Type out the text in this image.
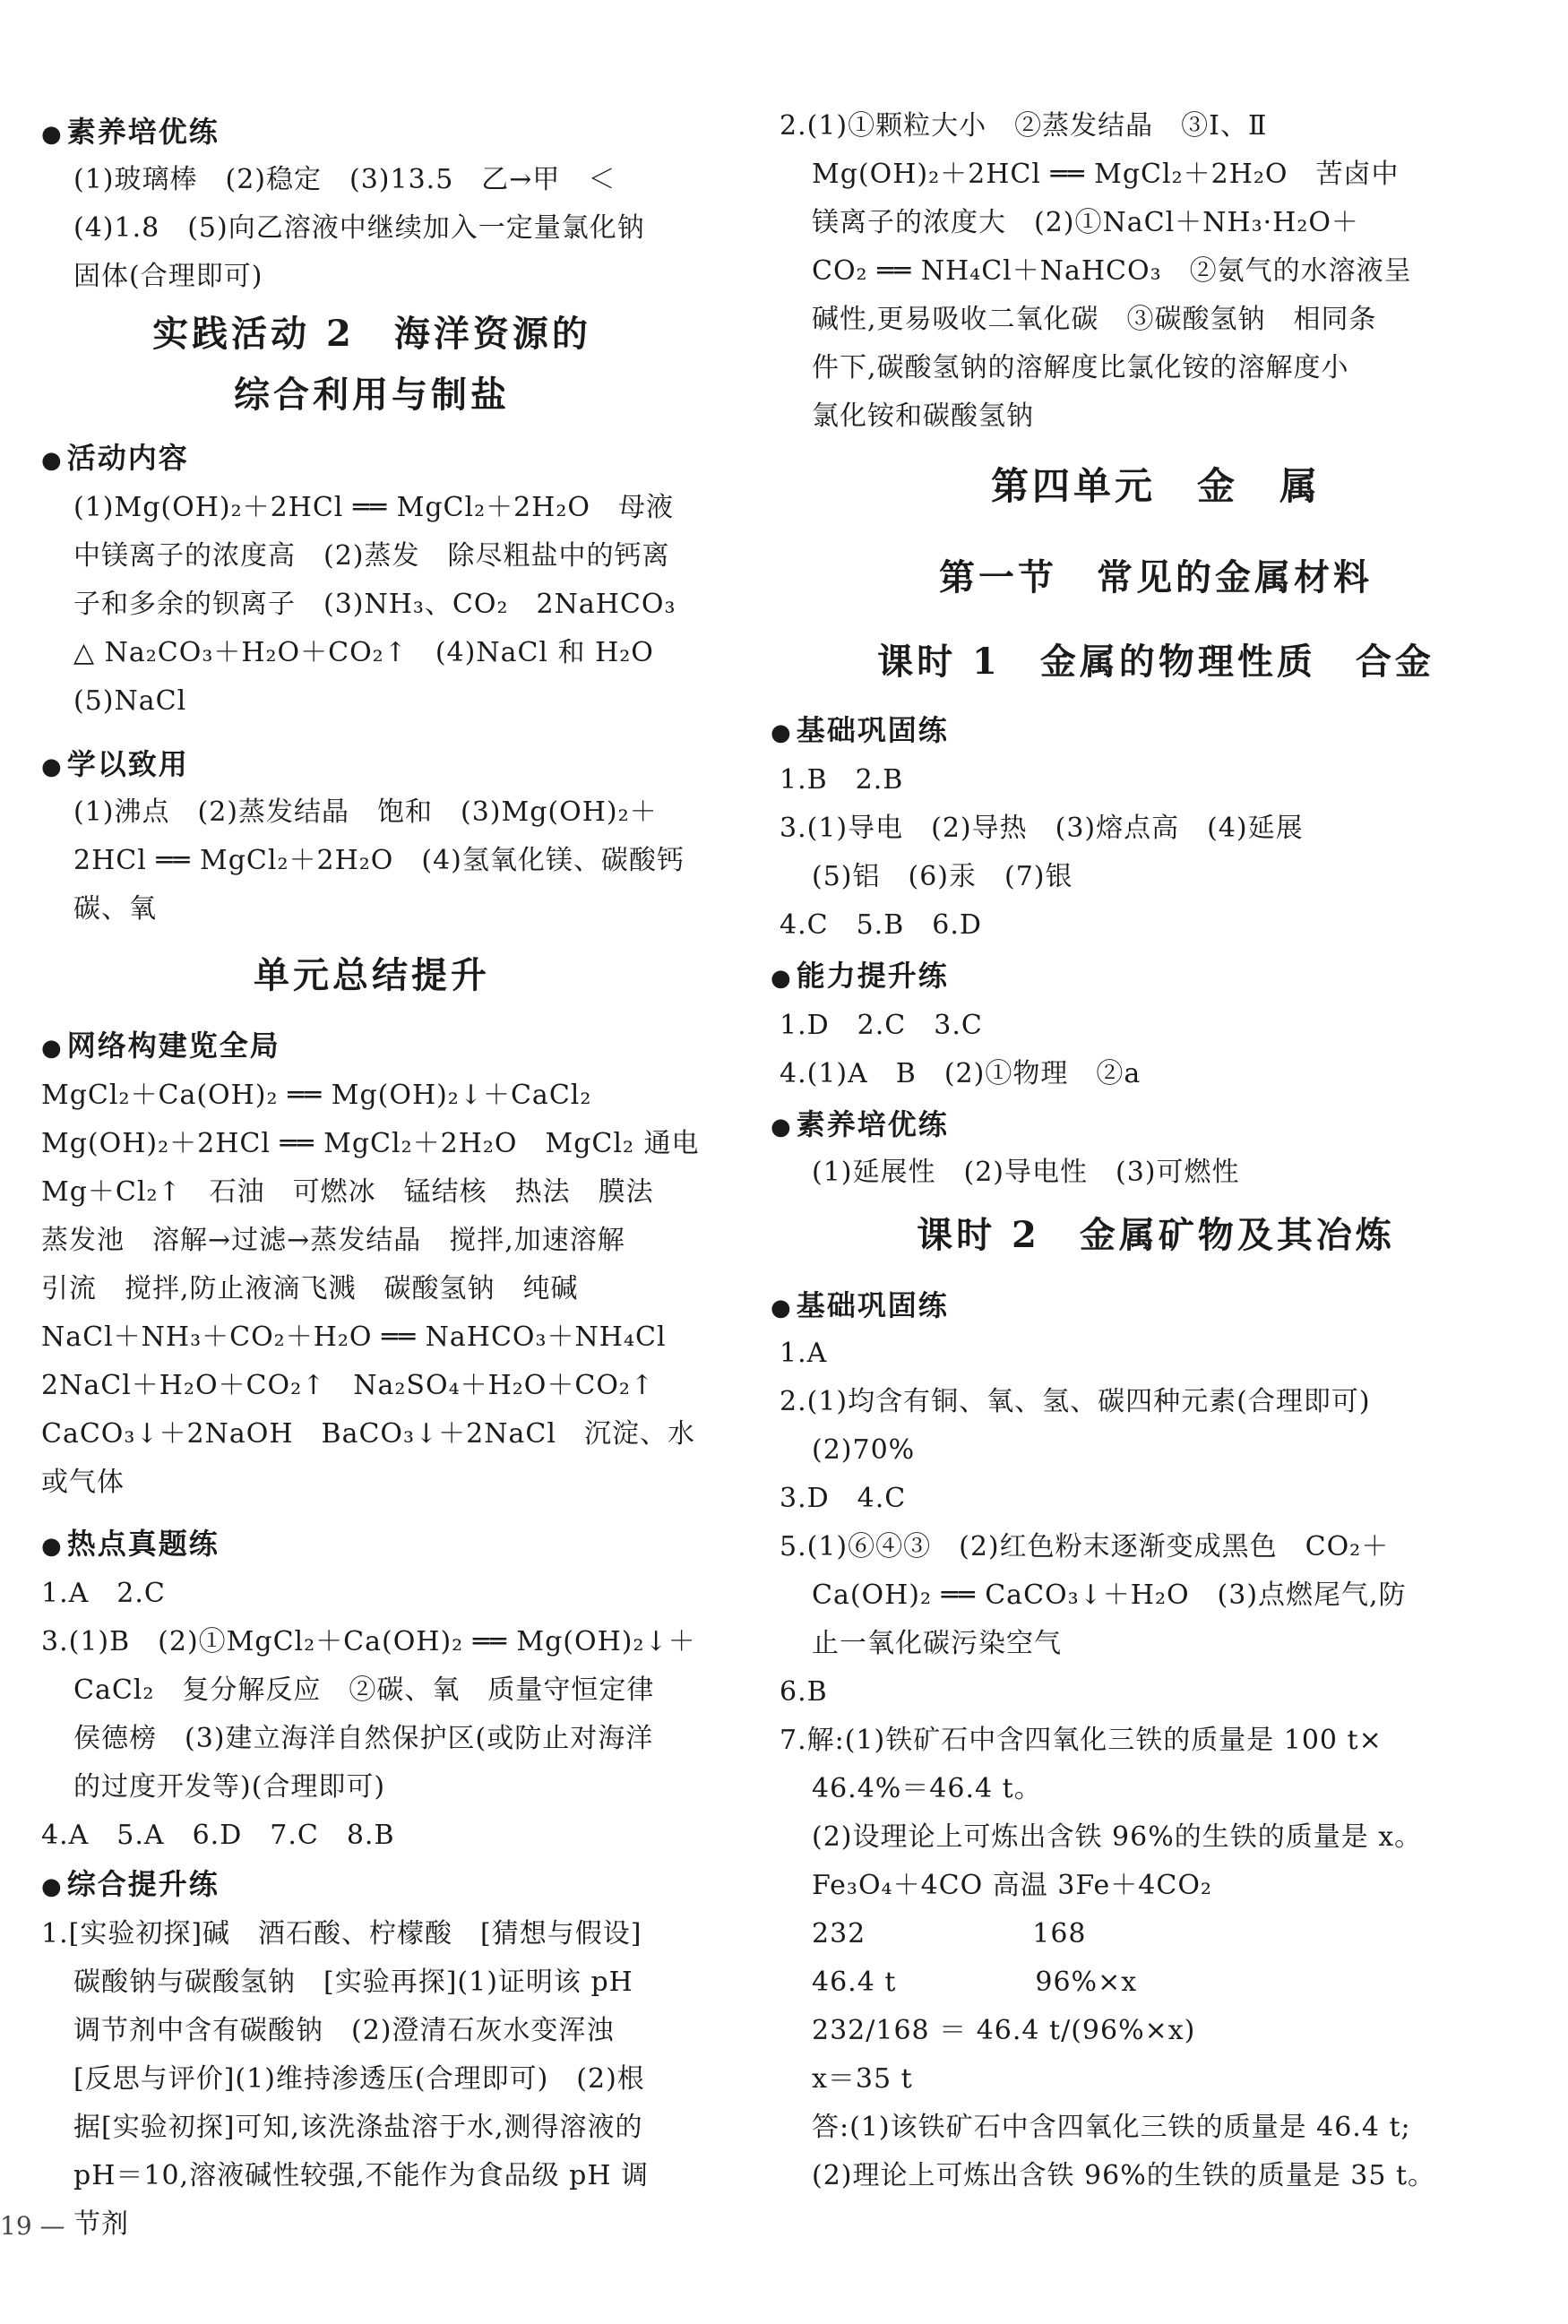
● 素养培优练
(1)玻璃棒　(2)稳定　(3)13.5　乙→甲　＜
(4)1.8　(5)向乙溶液中继续加入一定量氯化钠
固体(合理即可)
实践活动 2　海洋资源的
综合利用与制盐
● 活动内容
(1)Mg(OH)₂＋2HCl ══ MgCl₂＋2H₂O　母液
中镁离子的浓度高　(2)蒸发　除尽粗盐中的钙离
子和多余的钡离子　(3)NH₃、CO₂　2NaHCO₃
△ Na₂CO₃＋H₂O＋CO₂↑　(4)NaCl 和 H₂O
(5)NaCl
● 学以致用
(1)沸点　(2)蒸发结晶　饱和　(3)Mg(OH)₂＋
2HCl ══ MgCl₂＋2H₂O　(4)氢氧化镁、碳酸钙
碳、氧
单元总结提升
● 网络构建览全局
MgCl₂＋Ca(OH)₂ ══ Mg(OH)₂↓＋CaCl₂
Mg(OH)₂＋2HCl ══ MgCl₂＋2H₂O　MgCl₂ 通电
Mg＋Cl₂↑　石油　可燃冰　锰结核　热法　膜法
蒸发池　溶解→过滤→蒸发结晶　搅拌,加速溶解
引流　搅拌,防止液滴飞溅　碳酸氢钠　纯碱
NaCl＋NH₃＋CO₂＋H₂O ══ NaHCO₃＋NH₄Cl
2NaCl＋H₂O＋CO₂↑　Na₂SO₄＋H₂O＋CO₂↑
CaCO₃↓＋2NaOH　BaCO₃↓＋2NaCl　沉淀、水
或气体
● 热点真题练
1.A　2.C
3.(1)B　(2)①MgCl₂＋Ca(OH)₂ ══ Mg(OH)₂↓＋
CaCl₂　复分解反应　②碳、氧　质量守恒定律
侯德榜　(3)建立海洋自然保护区(或防止对海洋
的过度开发等)(合理即可)
4.A　5.A　6.D　7.C　8.B
● 综合提升练
1.[实验初探]碱　酒石酸、柠檬酸　[猜想与假设]
碳酸钠与碳酸氢钠　[实验再探](1)证明该 pH
调节剂中含有碳酸钠　(2)澄清石灰水变浑浊
[反思与评价](1)维持渗透压(合理即可)　(2)根
据[实验初探]可知,该洗涤盐溶于水,测得溶液的
pH＝10,溶液碱性较强,不能作为食品级 pH 调
节剂
19 —
2.(1)①颗粒大小　②蒸发结晶　③Ⅰ、Ⅱ
Mg(OH)₂＋2HCl ══ MgCl₂＋2H₂O　苦卤中
镁离子的浓度大　(2)①NaCl＋NH₃·H₂O＋
CO₂ ══ NH₄Cl＋NaHCO₃　②氨气的水溶液呈
碱性,更易吸收二氧化碳　③碳酸氢钠　相同条
件下,碳酸氢钠的溶解度比氯化铵的溶解度小
氯化铵和碳酸氢钠
第四单元　金　属
第一节　常见的金属材料
课时 1　金属的物理性质　合金
● 基础巩固练
1.B　2.B
3.(1)导电　(2)导热　(3)熔点高　(4)延展
(5)铝　(6)汞　(7)银
4.C　5.B　6.D
● 能力提升练
1.D　2.C　3.C
4.(1)A　B　(2)①物理　②a
● 素养培优练
(1)延展性　(2)导电性　(3)可燃性
课时 2　金属矿物及其冶炼
● 基础巩固练
1.A
2.(1)均含有铜、氧、氢、碳四种元素(合理即可)
(2)70%
3.D　4.C
5.(1)⑥④③　(2)红色粉末逐渐变成黑色　CO₂＋
Ca(OH)₂ ══ CaCO₃↓＋H₂O　(3)点燃尾气,防
止一氧化碳污染空气
6.B
7.解:(1)铁矿石中含四氧化三铁的质量是 100 t×
46.4%＝46.4 t。
(2)设理论上可炼出含铁 96%的生铁的质量是 x。
Fe₃O₄＋4CO 高温 3Fe＋4CO₂
232　　　　　　168
46.4 t　　　　　96%×x
232/168 ＝ 46.4 t/(96%×x)
x＝35 t
答:(1)该铁矿石中含四氧化三铁的质量是 46.4 t;
(2)理论上可炼出含铁 96%的生铁的质量是 35 t。
